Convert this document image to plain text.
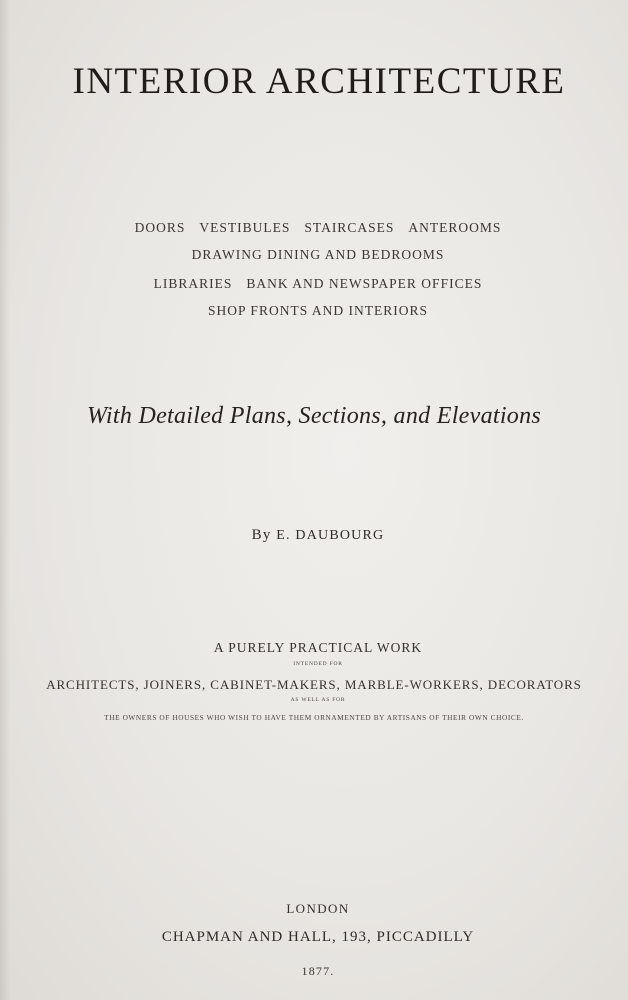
INTERIOR ARCHITECTURE
DOORS VESTIBULES STAIRCASES ANTEROOMS
DRAWING DINING AND BEDROOMS
LIBRARIES BANK AND NEWSPAPER OFFICES
SHOP FRONTS AND INTERIORS
With Detailed Plans, Sections, and Elevations
By E. DAUBOURG
A PURELY PRACTICAL WORK
INTENDED FOR
ARCHITECTS, JOINERS, CABINET-MAKERS, MARBLE-WORKERS, DECORATORS
AS WELL AS FOR
THE OWNERS OF HOUSES WHO WISH TO HAVE THEM ORNAMENTED BY ARTISANS OF THEIR OWN CHOICE.
LONDON
CHAPMAN AND HALL, 193, PICCADILLY
1877.
